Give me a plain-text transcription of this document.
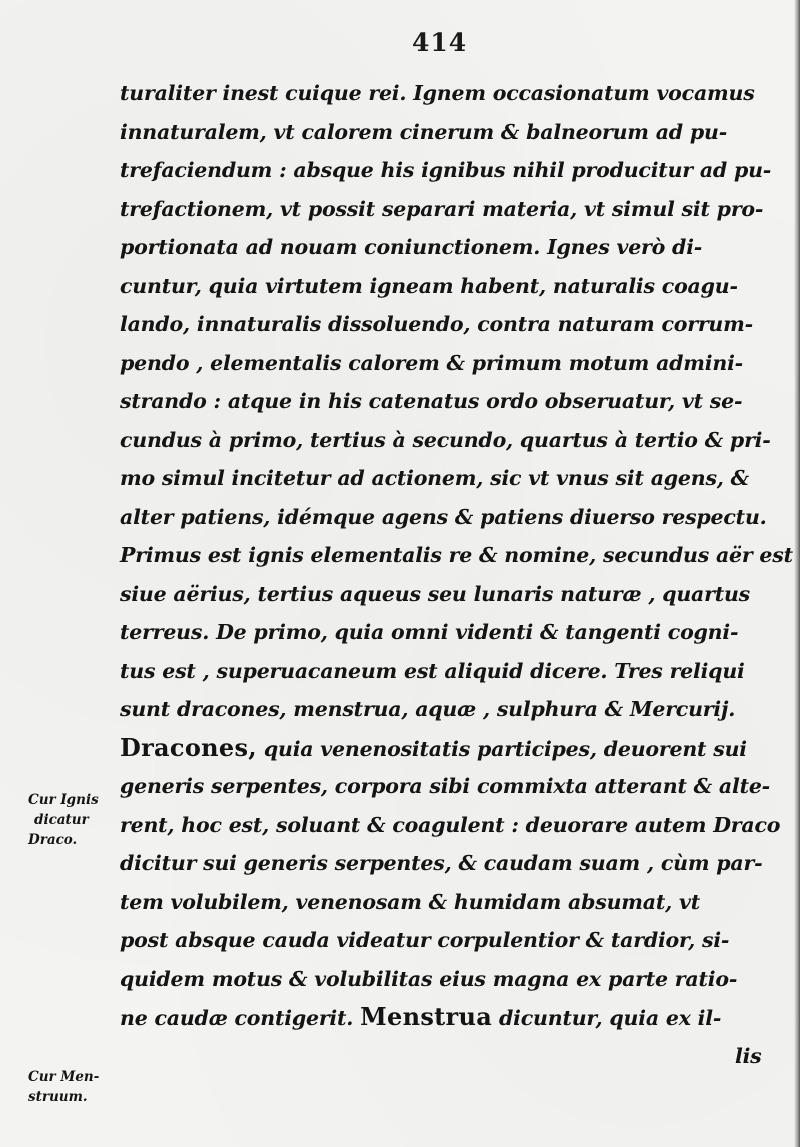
414
turaliter inest cuique rei. Ignem occasionatum vocamus
innaturalem, vt calorem cinerum & balneorum ad pu-
trefaciendum : absque his ignibus nihil producitur ad pu-
trefactionem, vt possit separari materia, vt simul sit pro-
portionata ad nouam coniunctionem. Ignes verò di-
cuntur, quia virtutem igneam habent, naturalis coagu-
lando, innaturalis dissoluendo, contra naturam corrum-
pendo , elementalis calorem & primum motum admini-
strando : atque in his catenatus ordo obseruatur, vt se-
cundus à primo, tertius à secundo, quartus à tertio & pri-
mo simul incitetur ad actionem, sic vt vnus sit agens, &
alter patiens, idémque agens & patiens diuerso respectu.
Primus est ignis elementalis re & nomine, secundus aër est
siue aërius, tertius aqueus seu lunaris naturæ , quartus
terreus. De primo, quia omni videnti & tangenti cogni-
tus est , superuacaneum est aliquid dicere. Tres reliqui
sunt dracones, menstrua, aquæ , sulphura & Mercurij.
Dracones, quia venenositatis participes, deuorent sui
generis serpentes, corpora sibi commixta atterant & alte-
rent, hoc est, soluant & coagulent : deuorare autem Draco
dicitur sui generis serpentes, & caudam suam , cùm par-
tem volubilem, venenosam & humidam absumat, vt
post absque cauda videatur corpulentior & tardior, si-
quidem motus & volubilitas eius magna ex parte ratio-
ne caudæ contigerit. Menstrua dicuntur, quia ex il-
lis
Cur Ignis
dicatur
Draco.
Cur Men-
struum.
